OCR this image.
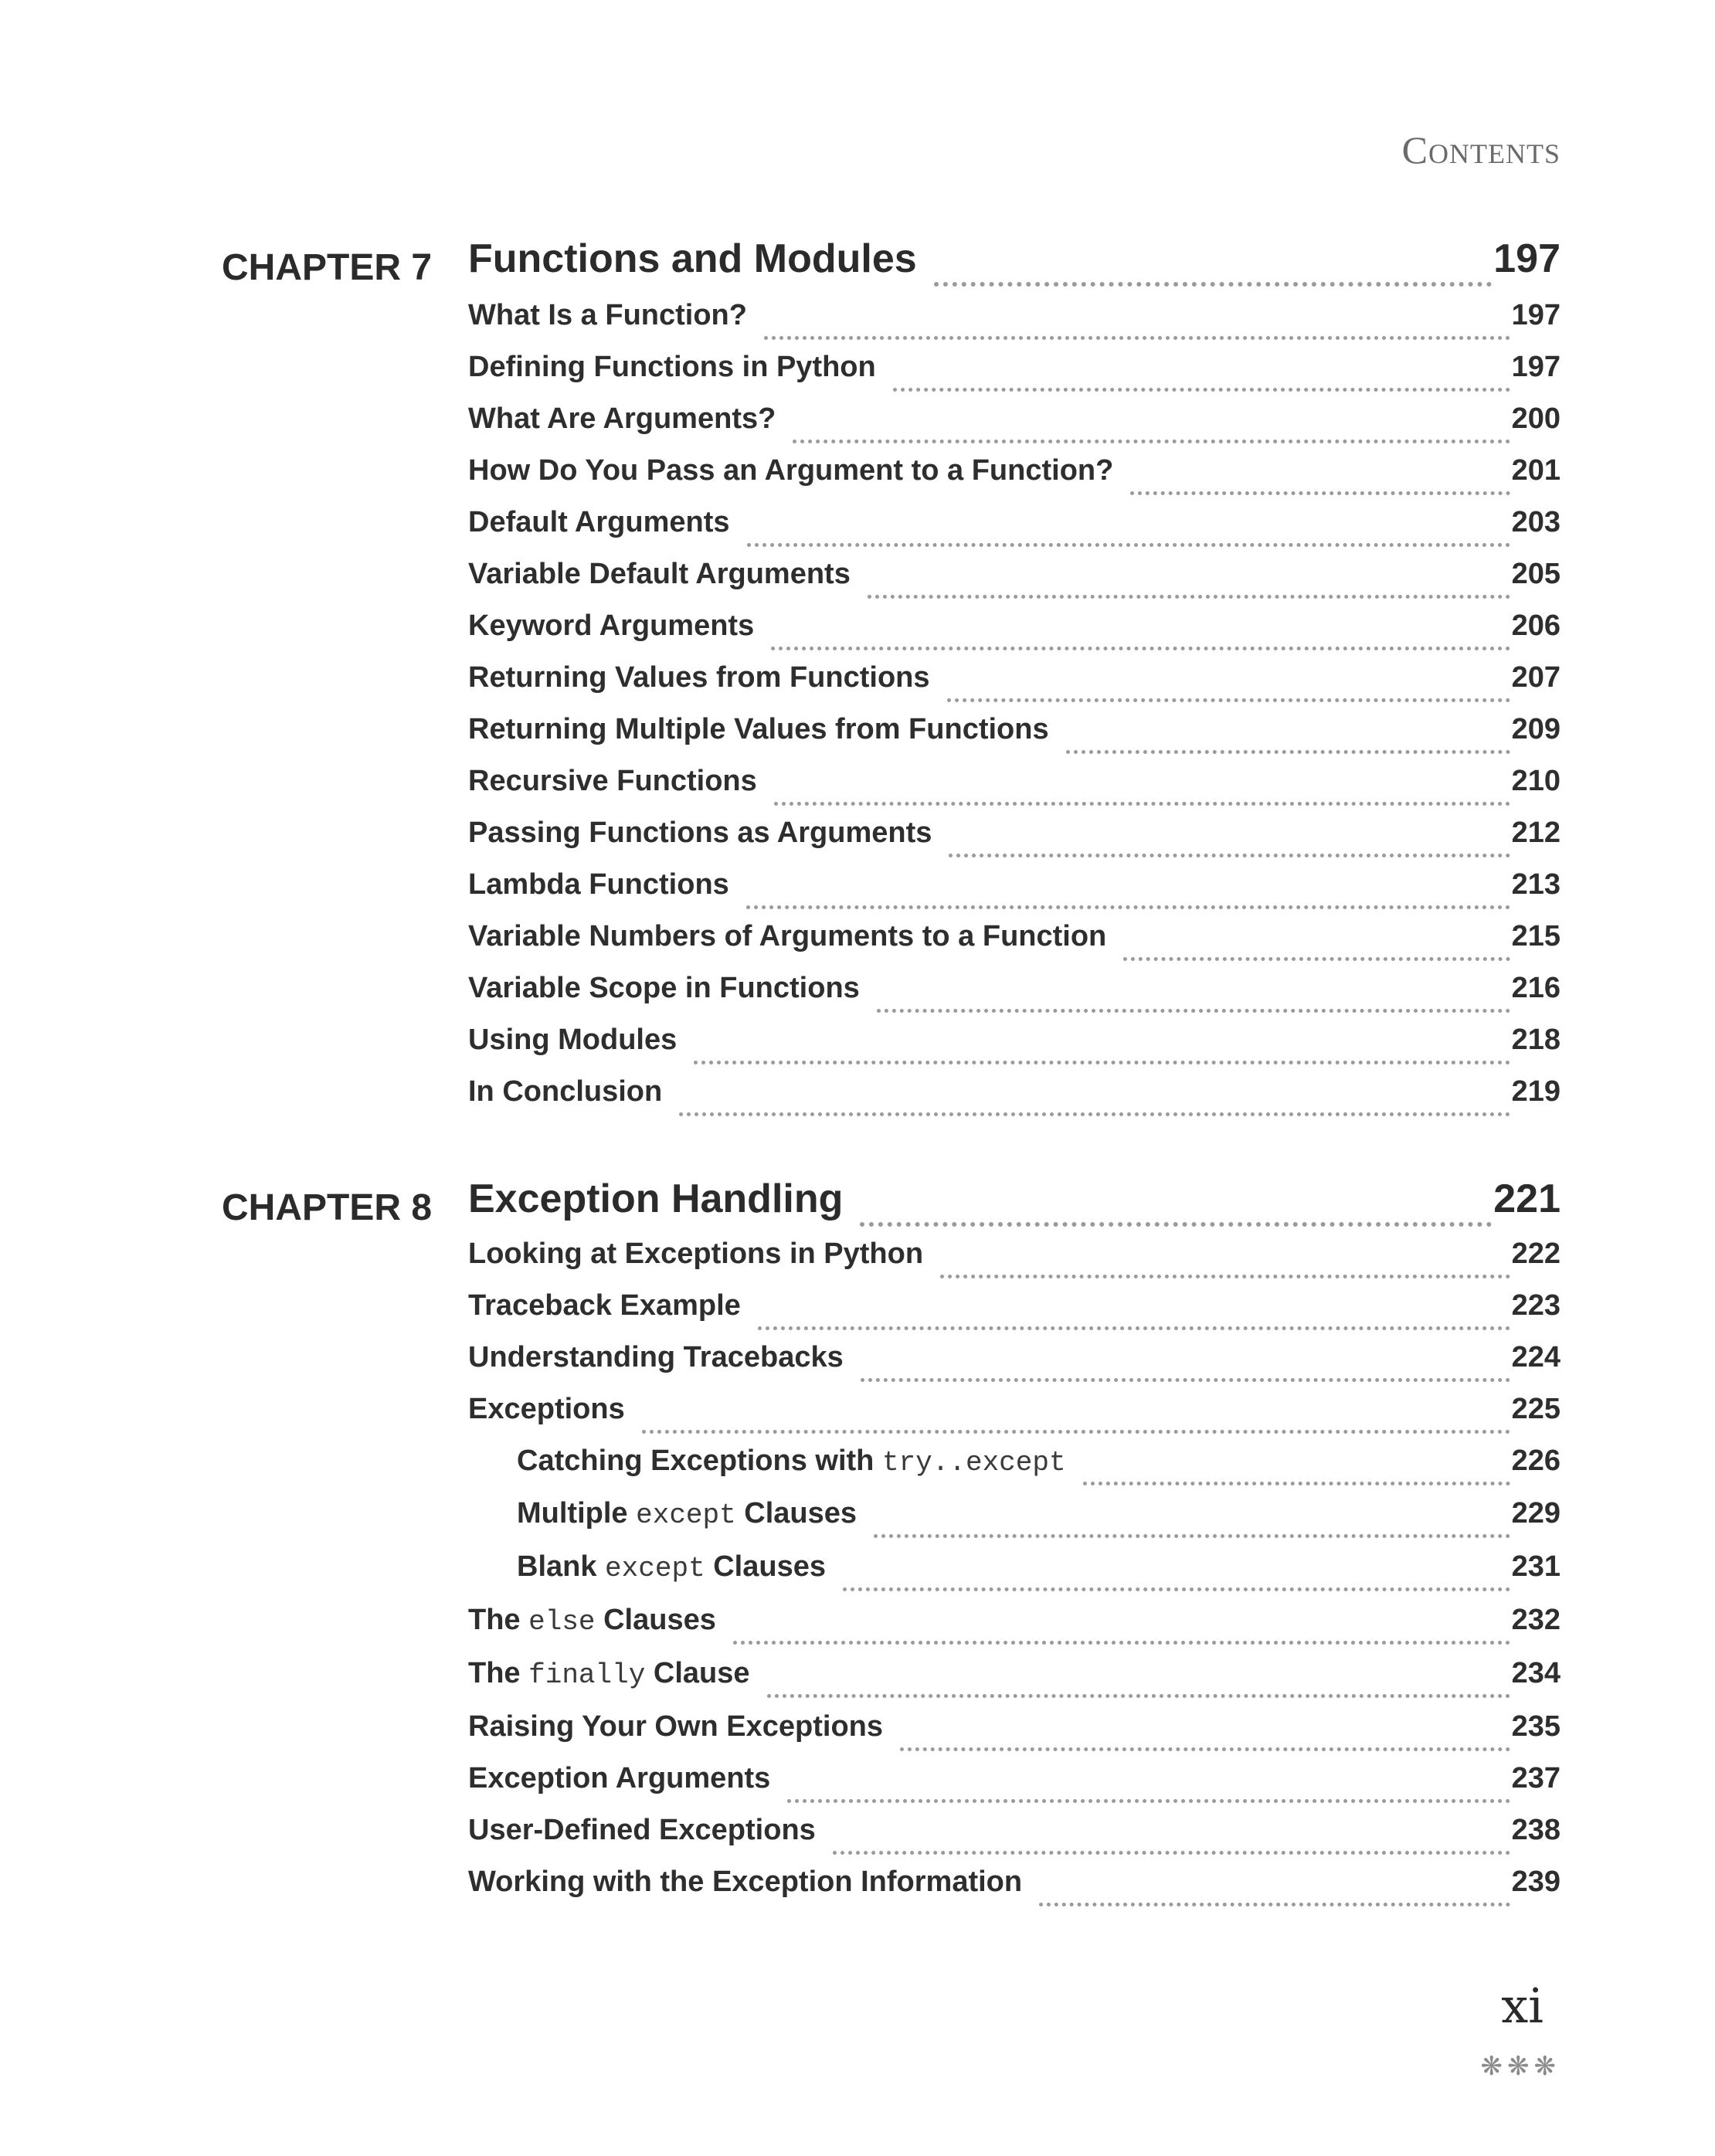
CONTENTS
CHAPTER 7 Functions and Modules	197
What Is a Function?	197
Defining Functions in Python	197
What Are Arguments?	200
How Do You Pass an Argument to a Function?	201
Default Arguments	203
Variable Default Arguments	205
Keyword Arguments	206
Returning Values from Functions	207
Returning Multiple Values from Functions	209
Recursive Functions	210
Passing Functions as Arguments	212
Lambda Functions	213
Variable Numbers of Arguments to a Function	215
Variable Scope in Functions	216
Using Modules	218
In Conclusion	219
CHAPTER 8 Exception Handling	221
Looking at Exceptions in Python	222
Traceback Example	223
Understanding Tracebacks	224
Exceptions	225
Catching Exceptions with try..except	226
Multiple except Clauses	229
Blank except Clauses	231
The else Clauses	232
The finally Clause	234
Raising Your Own Exceptions	235
Exception Arguments	237
User-Defined Exceptions	238
Working with the Exception Information	239
xi
❋❋❋
